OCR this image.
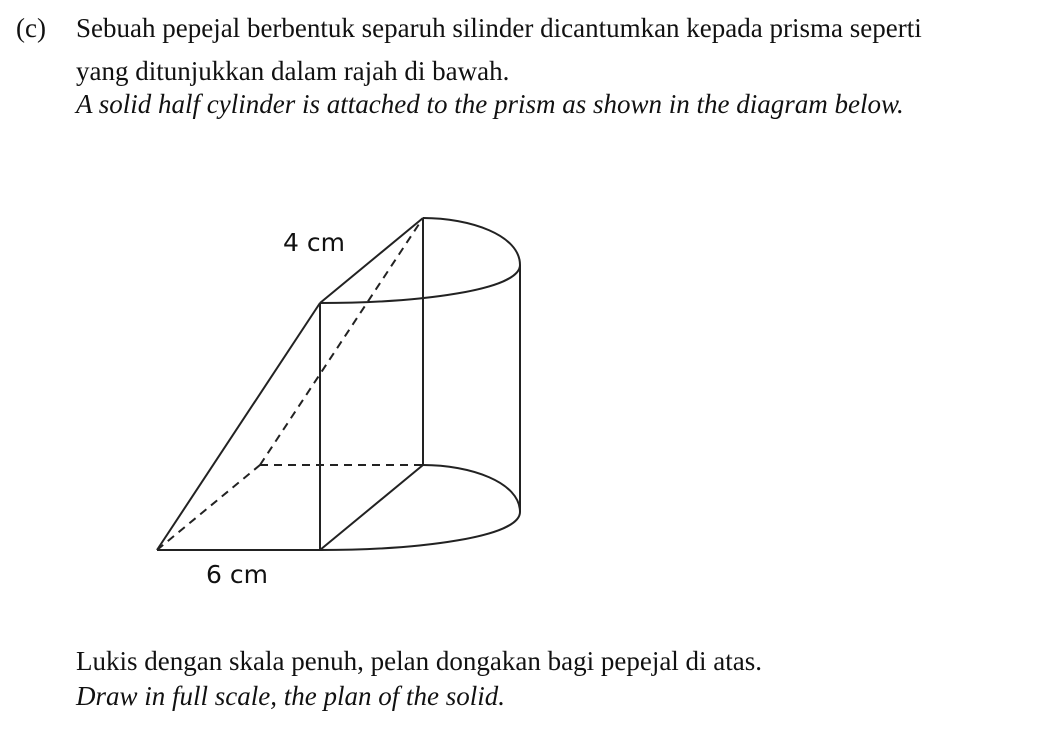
(c) Sebuah pepejal berbentuk separuh silinder dicantumkan kepada prisma seperti
yang ditunjukkan dalam rajah di bawah.
A solid half cylinder is attached to the prism as shown in the diagram below.
4 cm
6 cm
Lukis dengan skala penuh, pelan dongakan bagi pepejal di atas.
Draw in full scale, the plan of the solid.
